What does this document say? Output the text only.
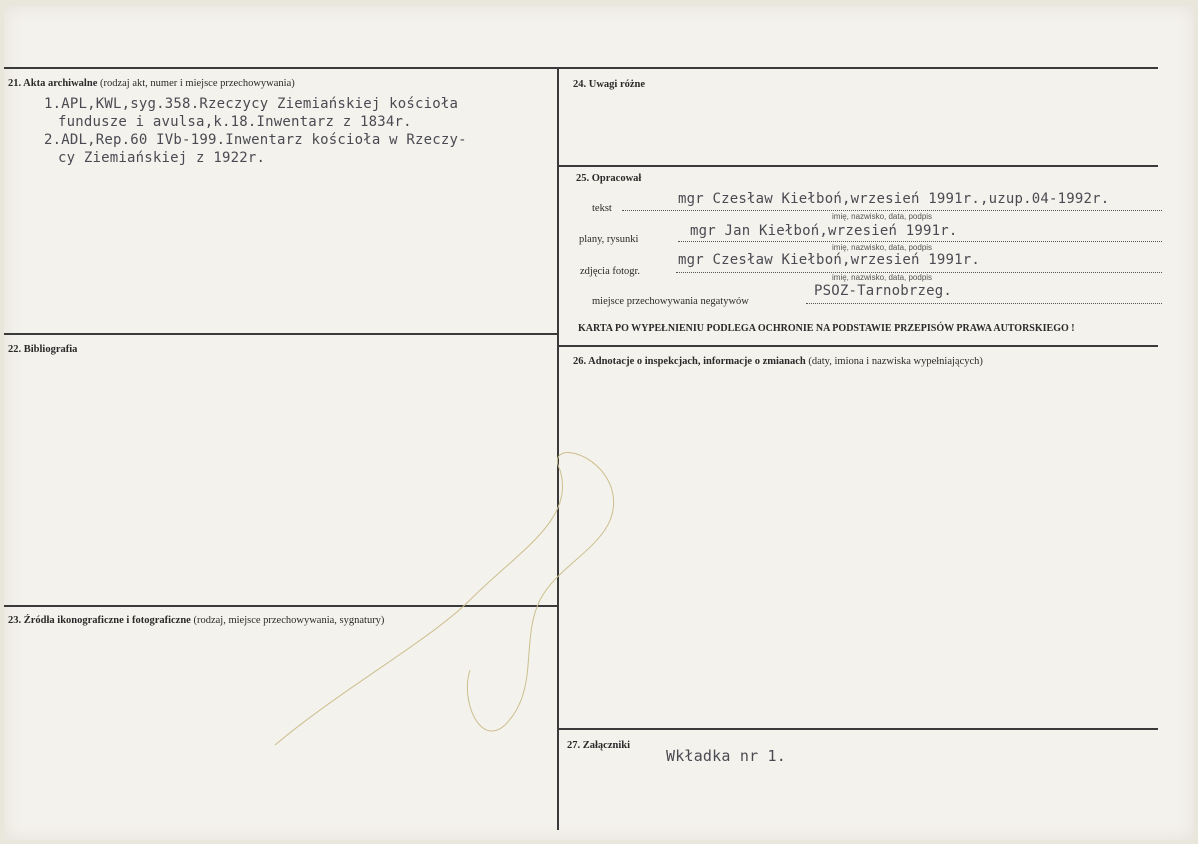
21. Akta archiwalne (rodzaj akt, numer i miejsce przechowywania)
1.APL,KWL,syg.358.Rzeczycy Ziemiańskiej kościoła
fundusze i avulsa,k.18.Inwentarz z 1834r.
2.ADL,Rep.60 IVb-199.Inwentarz kościoła w Rzeczy-
cy Ziemiańskiej z 1922r.
22. Bibliografia
23. Źródła ikonograficzne i fotograficzne (rodzaj, miejsce przechowywania, sygnatury)
24. Uwagi różne
25. Opracował
tekst
mgr Czesław Kiełboń,wrzesień 1991r.,uzup.04-1992r.
imię, nazwisko, data, podpis
plany, rysunki
mgr Jan Kiełboń,wrzesień 1991r.
imię, nazwisko, data, podpis
zdjęcia fotogr.
mgr Czesław Kiełboń,wrzesień 1991r.
imię, nazwisko, data, podpis
miejsce przechowywania negatywów
PSOZ-Tarnobrzeg.
KARTA PO WYPEŁNIENIU PODLEGA OCHRONIE NA PODSTAWIE PRZEPISÓW PRAWA AUTORSKIEGO !
26. Adnotacje o inspekcjach, informacje o zmianach (daty, imiona i nazwiska wypełniających)
27. Załączniki
Wkładka nr 1.
